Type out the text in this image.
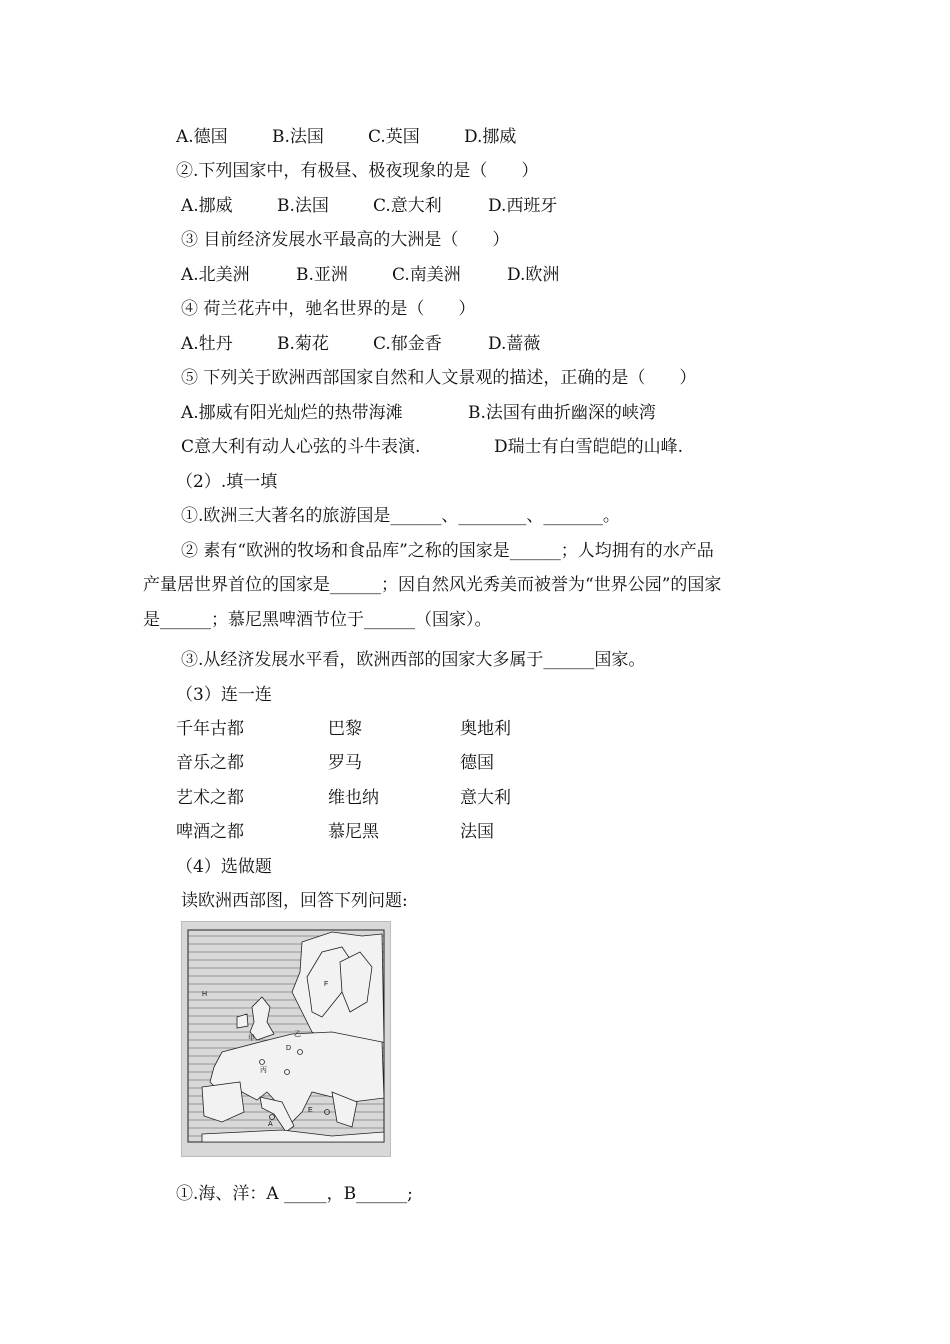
A.德国	B.法国	C.英国	D.挪威
②.下列国家中，有极昼、极夜现象的是（　　）
A.挪威	B.法国	C.意大利	D.西班牙
③ 目前经济发展水平最高的大洲是（　　）
A.北美洲	B.亚洲	C.南美洲	D.欧洲
④ 荷兰花卉中，驰名世界的是（　　）
A.牡丹	B.菊花	C.郁金香	D.蔷薇
⑤ 下列关于欧洲西部国家自然和人文景观的描述，正确的是（　　）
A.挪威有阳光灿烂的热带海滩	B.法国有曲折幽深的峡湾
C意大利有动人心弦的斗牛表演.	D瑞士有白雪皑皑的山峰.
（2）.填一填
①.欧洲三大著名的旅游国是______、________、_______。
② 素有“欧洲的牧场和食品库”之称的国家是______；人均拥有的水产品
产量居世界首位的国家是______；因自然风光秀美而被誉为“世界公园”的国家
是______；慕尼黑啤酒节位于______（国家）。
③.从经济发展水平看，欧洲西部的国家大多属于______国家。
（3）连一连
千年古都	巴黎	奥地利
音乐之都	罗马	德国
艺术之都	维也纳	意大利
啤酒之都	慕尼黑	法国
（4）选做题
读欧洲西部图，回答下列问题:
H
F
乙
D
丙
A
E
甲
①.海、洋：A _____，B______;
